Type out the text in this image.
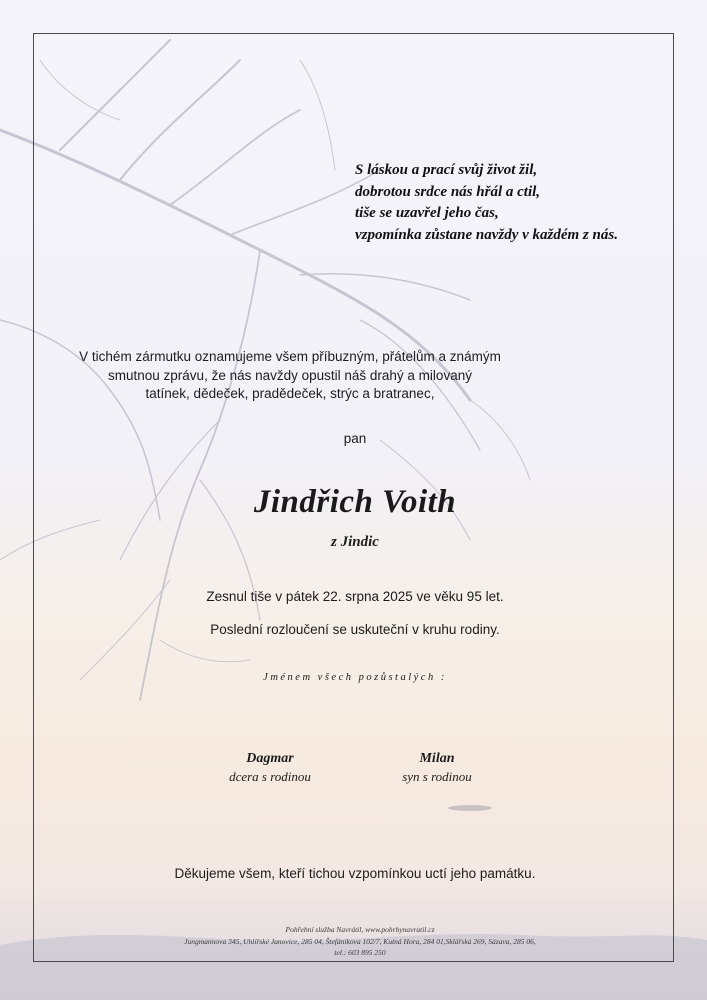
S láskou a prací svůj život žil,
dobrotou srdce nás hřál a ctil,
tiše se uzavřel jeho čas,
vzpomínka zůstane navždy v každém z nás.
V tichém zármutku oznamujeme všem příbuzným, přátelům a známým
smutnou zprávu, že nás navždy opustil náš drahý a milovaný
tatínek, dědeček, pradědeček, strýc a bratranec,
pan
Jindřich Voith
z Jindic
Zesnul tiše v pátek 22. srpna 2025 ve věku 95 let.
Poslední rozloučení se uskuteční v kruhu rodiny.
Jménem všech pozůstalých :
Dagmar
dcera s rodinou
Milan
syn s rodinou
Děkujeme všem, kteří tichou vzpomínkou uctí jeho památku.
Pohřební služba Navrátil, www.pohrbynavratil.cz
Jungmannova 345, Uhlířské Janovice, 285 04, Štefánikova 102/7, Kutná Hora, 284 01,Sklářská 269, Sázava, 285 06,
tel.: 603 895 250
